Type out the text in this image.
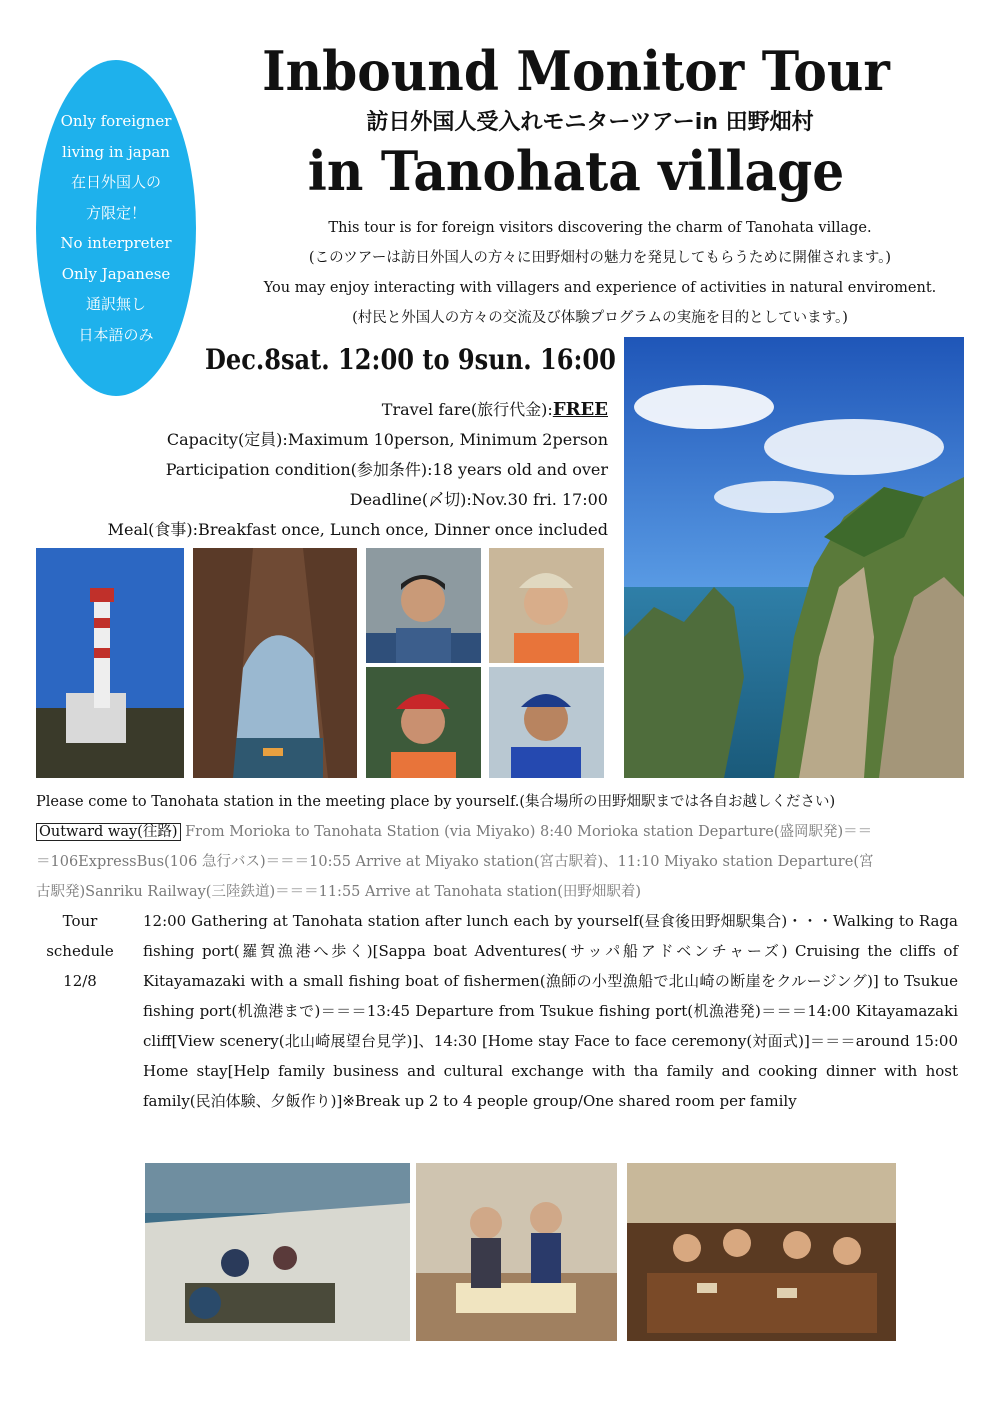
Only foreigner
living in japan
在日外国人の
方限定！
No interpreter
Only Japanese
通訳無し
日本語のみ
Inbound Monitor Tour
訪日外国人受入れモニターツアーin 田野畑村
in Tanohata village
This tour is for foreign visitors discovering the charm of Tanohata village.
(このツアーは訪日外国人の方々に田野畑村の魅力を発見してもらうために開催されます。)
You may enjoy interacting with villagers and experience of activities in natural enviroment.
(村民と外国人の方々の交流及び体験プログラムの実施を目的としています。)
Dec.8sat. 12:00 to 9sun. 16:00
Travel fare(旅行代金):FREE
Capacity(定員):Maximum 10person, Minimum 2person
Participation condition(参加条件):18 years old and over
Deadline(〆切):Nov.30 fri. 17:00
Meal(食事):Breakfast once, Lunch once, Dinner once included
Please come to Tanohata station in the meeting place by yourself.(集合場所の田野畑駅までは各自お越しください)
Outward way(往路) From Morioka to Tanohata Station (via Miyako) 8:40 Morioka station Departure(盛岡駅発)＝＝
＝106ExpressBus(106 急行バス)＝＝＝10:55 Arrive at Miyako station(宮古駅着)、11:10 Miyako station Departure(宮
古駅発)Sanriku Railway(三陸鉄道)＝＝＝11:55 Arrive at Tanohata station(田野畑駅着)
Tour
schedule
12/8
12:00 Gathering at Tanohata station after lunch each by yourself(昼食後田野畑駅集合)・・・Walking to Raga fishing port(羅賀漁港へ歩く)[Sappa boat Adventures(サッパ船アドベンチャーズ) Cruising the cliffs of Kitayamazaki with a small fishing boat of fishermen(漁師の小型漁船で北山崎の断崖をクルージング)] to Tsukue fishing port(机漁港まで)＝＝＝13:45 Departure from Tsukue fishing port(机漁港発)＝＝＝14:00 Kitayamazaki cliff[View scenery(北山崎展望台見学)]、14:30 [Home stay Face to face ceremony(対面式)]＝＝＝around 15:00 Home stay[Help family business and cultural exchange with tha family and cooking dinner with host family(民泊体験、夕飯作り)]※Break up 2 to 4 people group/One shared room per family
